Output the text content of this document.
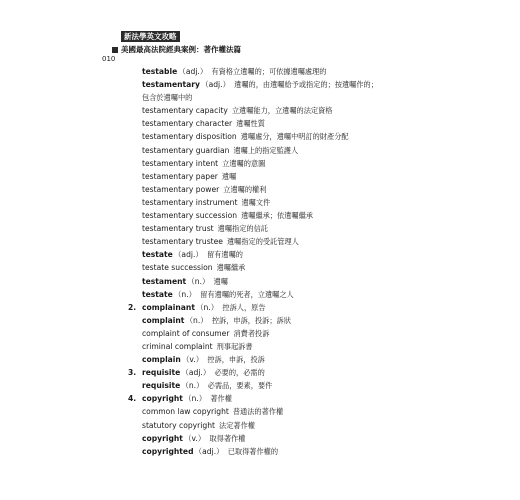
新法學英文攻略
美國最高法院經典案例：著作權法篇
010
testable（adj.） 有資格立遺囑的；可依據遺囑處理的
testamentary（adj.） 遺囑的，由遺囑給予或指定的；按遺囑作的；
包含於遺囑中的
testamentary capacity 立遺囑能力，立遺囑的法定資格
testamentary character 遺囑性質
testamentary disposition 遺囑處分，遺囑中明訂的財產分配
testamentary guardian 遺囑上的指定監護人
testamentary intent 立遺囑的意圖
testamentary paper 遺囑
testamentary power 立遺囑的權利
testamentary instrument 遺囑文件
testamentary succession 遺囑繼承；依遺囑繼承
testamentary trust 遺囑指定的信託
testamentary trustee 遺囑指定的受託管理人
testate（adj.） 留有遺囑的
testate succession 遺囑繼承
testament（n.） 遺囑
testate（n.） 留有遺囑的死者，立遺囑之人
2. complainant（n.） 控訴人，原告
complaint（n.） 控訴，申訴，投訴；訴狀
complaint of consumer 消費者投訴
criminal complaint 刑事起訴書
complain（v.） 控訴，申訴，投訴
3. requisite（adj.） 必要的，必需的
requisite（n.） 必需品，要素，要件
4. copyright（n.） 著作權
common law copyright 普通法的著作權
statutory copyright 法定著作權
copyright（v.） 取得著作權
copyrighted（adj.） 已取得著作權的
